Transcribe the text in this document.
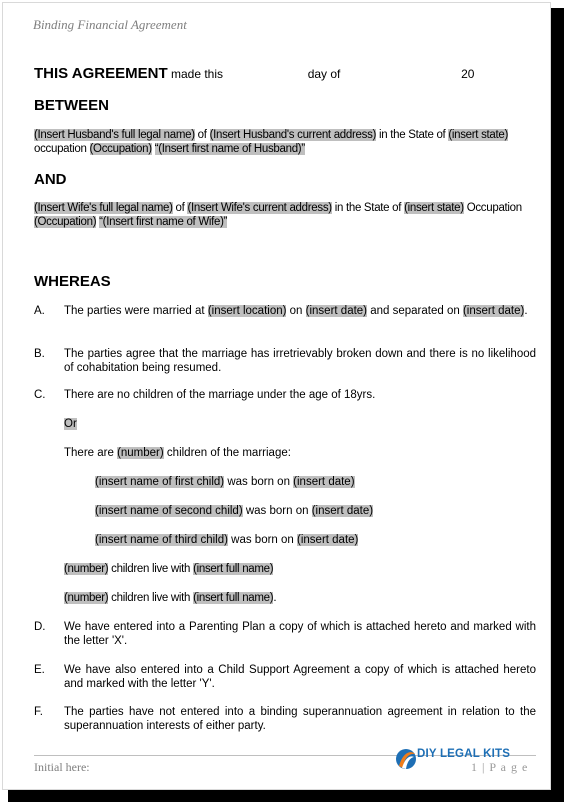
Binding Financial Agreement
THIS AGREEMENT made this	day of	20
BETWEEN
(Insert Husband's full legal name) of (Insert Husband's current address) in the State of (insert state) occupation (Occupation) “(Insert first name of Husband)”
AND
(Insert Wife's full legal name) of (Insert Wife's current address) in the State of (insert state) Occupation (Occupation) “(Insert first name of Wife)”
WHEREAS
A. The parties were married at (insert location) on (insert date) and separated on (insert date).
B. The parties agree that the marriage has irretrievably broken down and there is no likelihood of cohabitation being resumed.
C. There are no children of the marriage under the age of 18yrs.
Or
There are (number) children of the marriage:
(insert name of first child) was born on (insert date)
(insert name of second child) was born on (insert date)
(insert name of third child) was born on (insert date)
(number) children live with (insert full name)
(number) children live with (insert full name).
D. We have entered into a Parenting Plan a copy of which is attached hereto and marked with the letter 'X'.
E. We have also entered into a Child Support Agreement a copy of which is attached hereto and marked with the letter 'Y'.
F. The parties have not entered into a binding superannuation agreement in relation to the superannuation interests of either party.
Initial here:	1 | P a g e
DIY LEGAL KITS
